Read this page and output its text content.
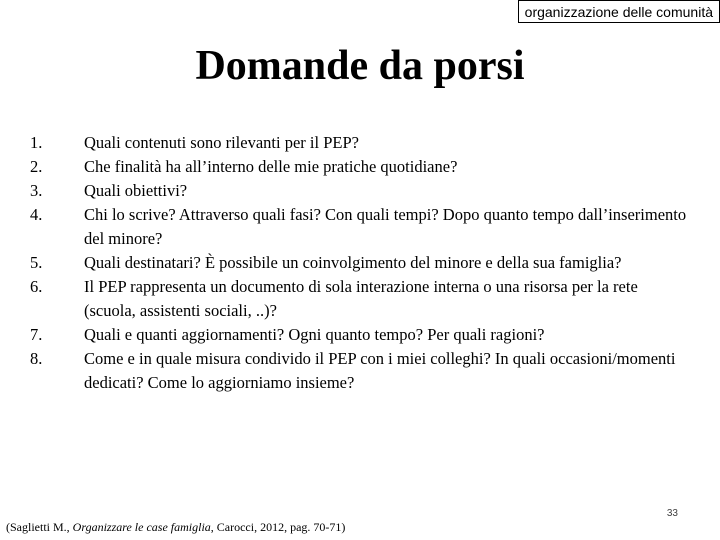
organizzazione delle comunità
Domande da porsi
1.	Quali contenuti sono rilevanti per il PEP?
2.	Che finalità ha all’interno delle mie pratiche quotidiane?
3.	Quali obiettivi?
4.	Chi lo scrive? Attraverso quali fasi? Con quali tempi? Dopo quanto tempo dall’inserimento del minore?
5.	Quali destinatari? È possibile un coinvolgimento del minore e della sua famiglia?
6.	Il PEP rappresenta un documento di sola interazione interna o una risorsa per la rete (scuola, assistenti sociali, ..)?
7.	Quali e quanti aggiornamenti? Ogni quanto tempo? Per quali ragioni?
8.	Come e in quale misura condivido il PEP con i miei colleghi? In quali occasioni/momenti dedicati? Come lo aggiorniamo insieme?
33
(Saglietti M., Organizzare le case famiglia, Carocci, 2012, pag. 70-71)
